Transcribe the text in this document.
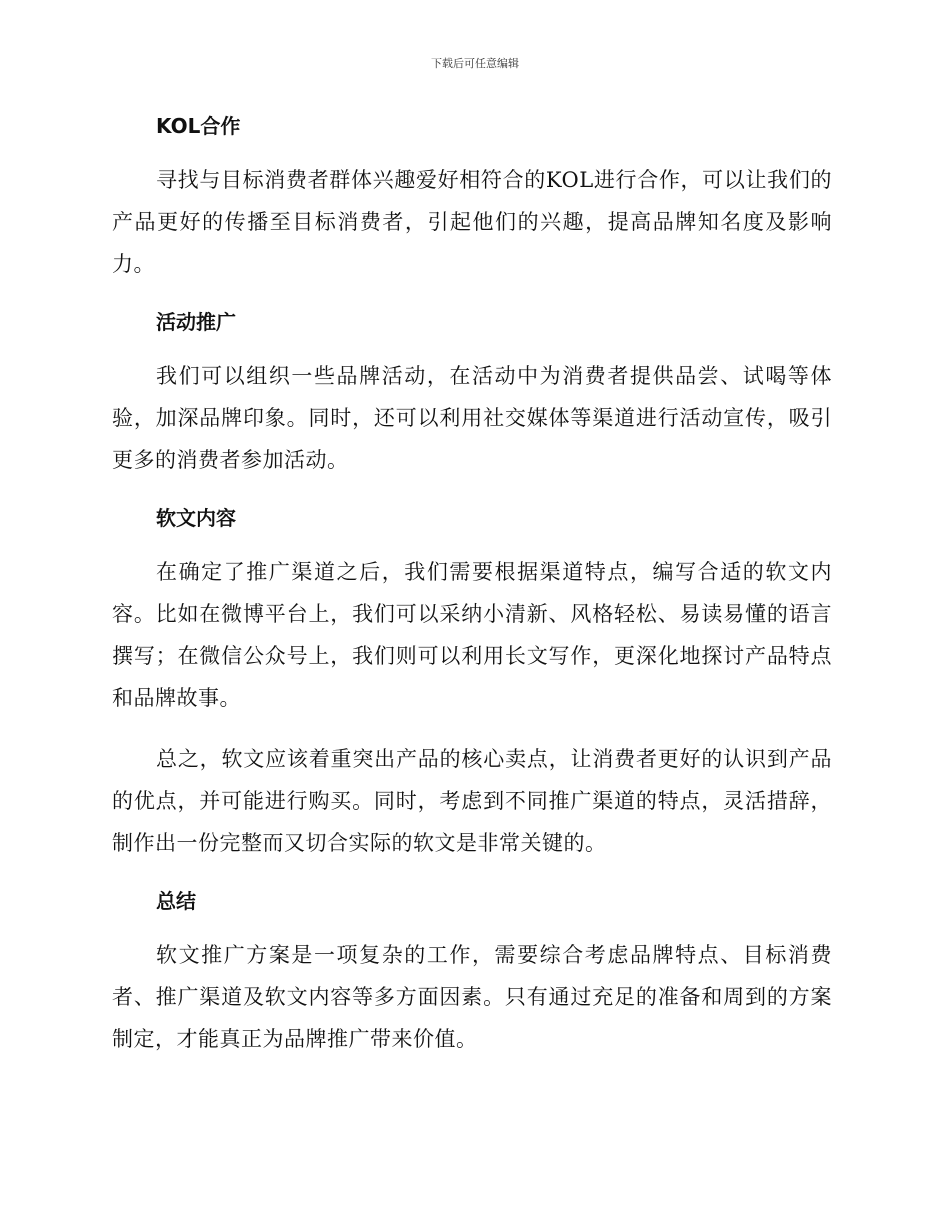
下载后可任意编辑
KOL合作

寻找与目标消费者群体兴趣爱好相符合的KOL进行合作，可以让我们的产品更好的传播至目标消费者，引起他们的兴趣，提高品牌知名度及影响力。

活动推广

我们可以组织一些品牌活动，在活动中为消费者提供品尝、试喝等体验，加深品牌印象。同时，还可以利用社交媒体等渠道进行活动宣传，吸引更多的消费者参加活动。

软文内容

在确定了推广渠道之后，我们需要根据渠道特点，编写合适的软文内容。比如在微博平台上，我们可以采纳小清新、风格轻松、易读易懂的语言撰写；在微信公众号上，我们则可以利用长文写作，更深化地探讨产品特点和品牌故事。

总之，软文应该着重突出产品的核心卖点，让消费者更好的认识到产品的优点，并可能进行购买。同时，考虑到不同推广渠道的特点，灵活措辞，制作出一份完整而又切合实际的软文是非常关键的。

总结

软文推广方案是一项复杂的工作，需要综合考虑品牌特点、目标消费者、推广渠道及软文内容等多方面因素。只有通过充足的准备和周到的方案制定，才能真正为品牌推广带来价值。
